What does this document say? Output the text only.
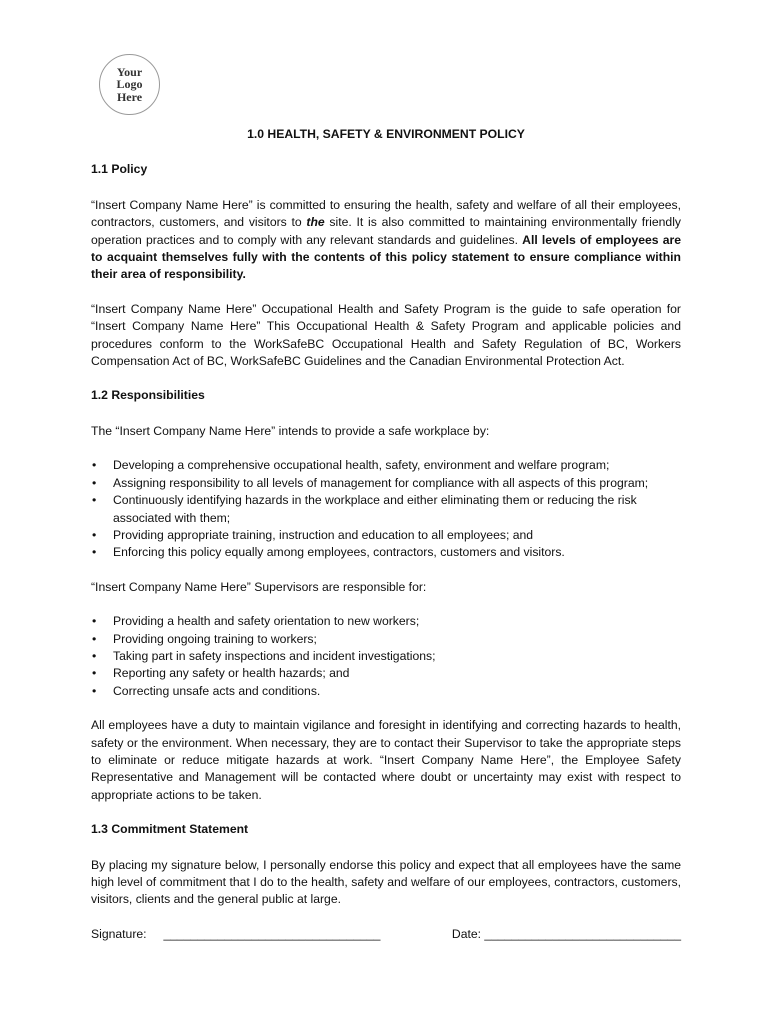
Your
Logo
Here
1.0 HEALTH, SAFETY & ENVIRONMENT POLICY
1.1 Policy

“Insert Company Name Here” is committed to ensuring the health, safety and welfare of all their employees, contractors, customers, and visitors to the site. It is also committed to maintaining environmentally friendly operation practices and to comply with any relevant standards and guidelines. All levels of employees are to acquaint themselves fully with the contents of this policy statement to ensure compliance within their area of responsibility.

“Insert Company Name Here” Occupational Health and Safety Program is the guide to safe operation for “Insert Company Name Here” This Occupational Health & Safety Program and applicable policies and procedures conform to the WorkSafeBC Occupational Health and Safety Regulation of BC, Workers Compensation Act of BC, WorkSafeBC Guidelines and the Canadian Environmental Protection Act.

1.2 Responsibilities

The “Insert Company Name Here” intends to provide a safe workplace by:

• Developing a comprehensive occupational health, safety, environment and welfare program;
• Assigning responsibility to all levels of management for compliance with all aspects of this program;
• Continuously identifying hazards in the workplace and either eliminating them or reducing the risk associated with them;
• Providing appropriate training, instruction and education to all employees; and
• Enforcing this policy equally among employees, contractors, customers and visitors.

“Insert Company Name Here” Supervisors are responsible for:

• Providing a health and safety orientation to new workers;
• Providing ongoing training to workers;
• Taking part in safety inspections and incident investigations;
• Reporting any safety or health hazards; and
• Correcting unsafe acts and conditions.

All employees have a duty to maintain vigilance and foresight in identifying and correcting hazards to health, safety or the environment. When necessary, they are to contact their Supervisor to take the appropriate steps to eliminate or reduce mitigate hazards at work. “Insert Company Name Here”, the Employee Safety Representative and Management will be contacted where doubt or uncertainty may exist with respect to appropriate actions to be taken.

1.3 Commitment Statement

By placing my signature below, I personally endorse this policy and expect that all employees have the same high level of commitment that I do to the health, safety and welfare of our employees, contractors, customers, visitors, clients and the general public at large.

Signature: ________________________________	Date: _____________________________
